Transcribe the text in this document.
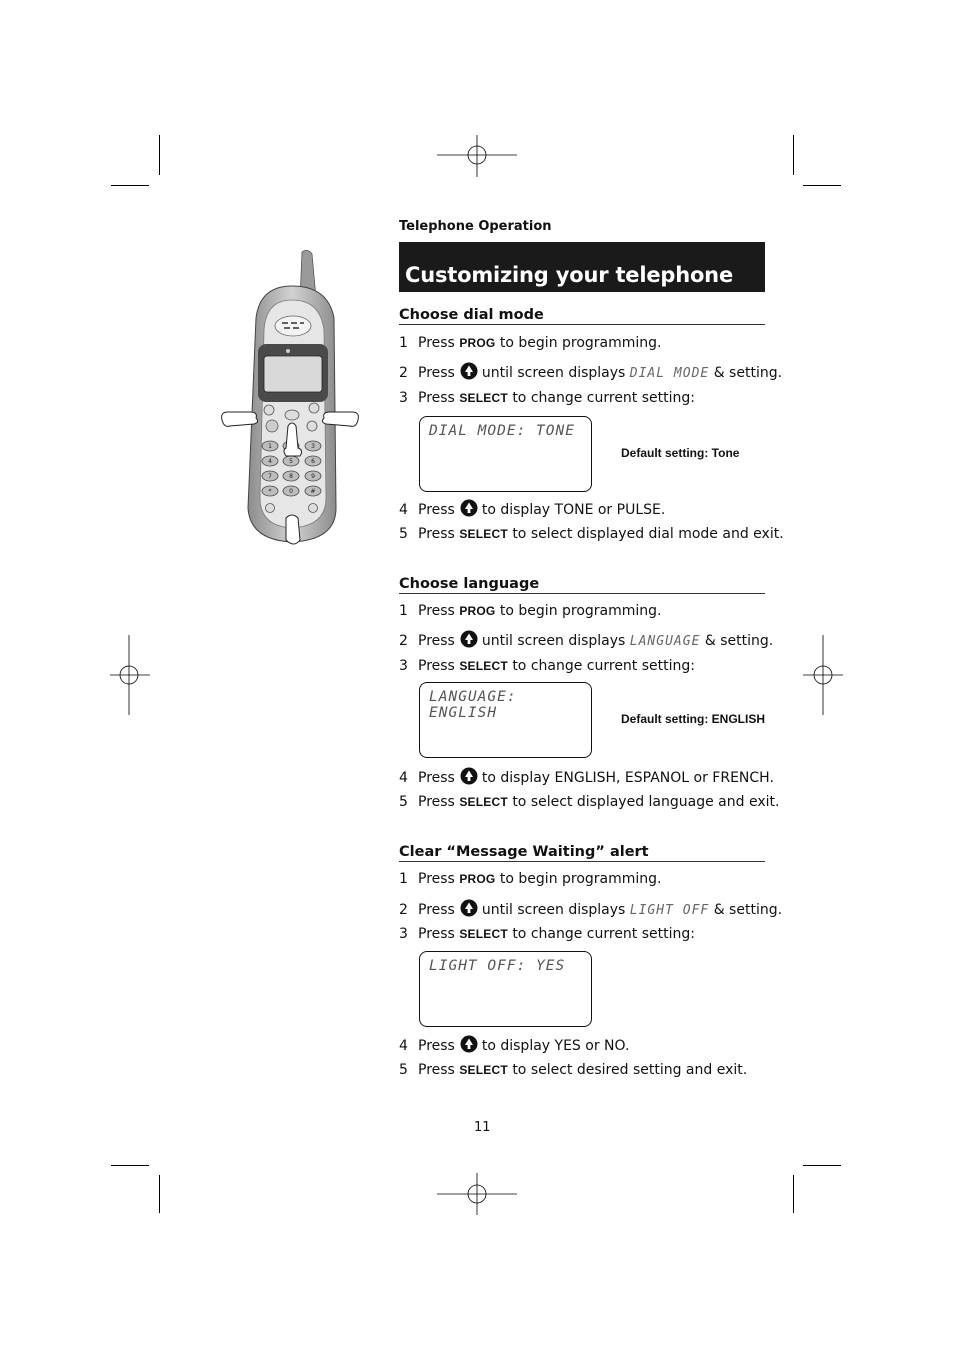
1	3
4	5	6
7	8	9
*	0	#
Telephone Operation
Customizing your telephone
Choose dial mode
1 Press PROG to begin programming.
2 Press until screen displays DIAL MODE & setting.
3 Press SELECT to change current setting:
DIAL MODE: TONE
Default setting: Tone
4 Press to display TONE or PULSE.
5 Press SELECT to select displayed dial mode and exit.
Choose language
1 Press PROG to begin programming.
2 Press until screen displays LANGUAGE & setting.
3 Press SELECT to change current setting:
LANGUAGE: ENGLISH	Default setting: ENGLISH
4 Press to display ENGLISH, ESPANOL or FRENCH.
5 Press SELECT to select displayed language and exit.
Clear “Message Waiting” alert
1 Press PROG to begin programming.
2 Press until screen displays LIGHT OFF & setting.
3 Press SELECT to change current setting:
LIGHT OFF: YES
4 Press to display YES or NO.
5 Press SELECT to select desired setting and exit.
11
